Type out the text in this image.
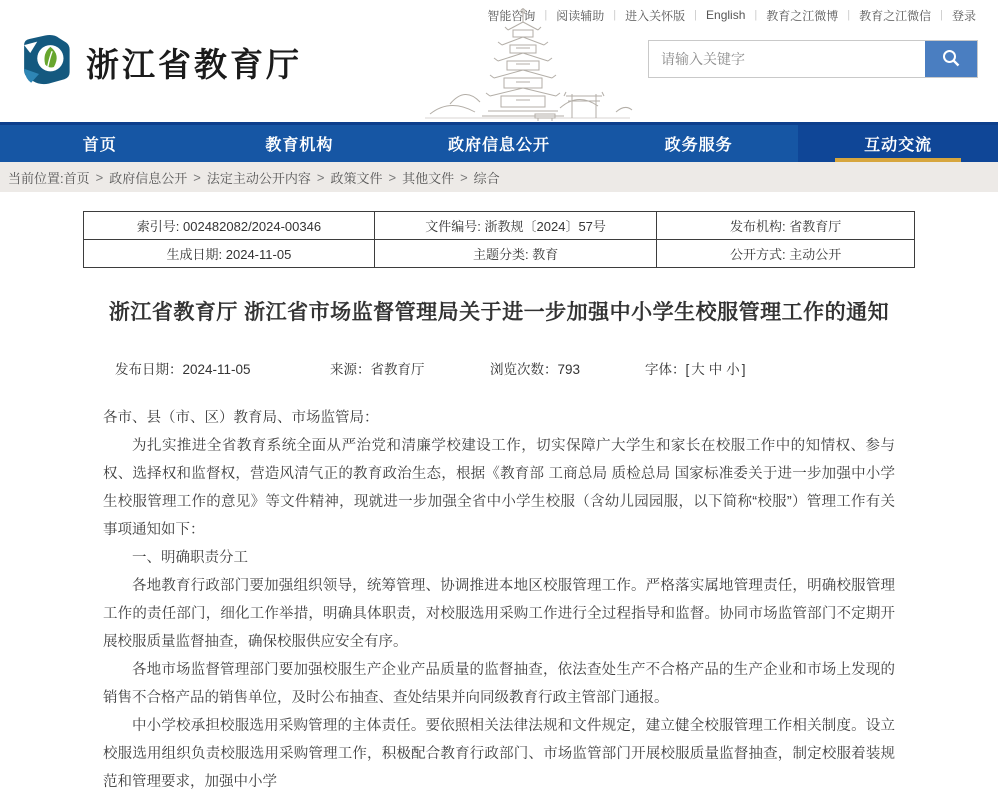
智能咨询 | 阅读辅助 | 进入关怀版 | English | 教育之江微博 | 教育之江微信 | 登录
浙江省教育厅
请输入关键字
首页	教育机构	政府信息公开	政务服务	互动交流
当前位置: 首页 > 政府信息公开 > 法定主动公开内容 > 政策文件 > 其他文件 > 综合
索引号: 002482082/2024-00346	文件编号: 浙教规〔2024〕57号	发布机构: 省教育厅
生成日期: 2024-11-05	主题分类: 教育	公开方式: 主动公开
浙江省教育厅 浙江省市场监督管理局关于进一步加强中小学生校服管理工作的通知
发布日期：2024-11-05	来源：省教育厅	浏览次数：793	字体：[ 大 中 小 ]

各市、县（市、区）教育局、市场监管局：

为扎实推进全省教育系统全面从严治党和清廉学校建设工作，切实保障广大学生和家长在校服工作中的知情权、参与权、选择权和监督权，营造风清气正的教育政治生态，根据《教育部 工商总局 质检总局 国家标准委关于进一步加强中小学生校服管理工作的意见》等文件精神，现就进一步加强全省中小学生校服（含幼儿园园服，以下简称“校服”）管理工作有关事项通知如下：

一、明确职责分工

各地教育行政部门要加强组织领导，统筹管理、协调推进本地区校服管理工作。严格落实属地管理责任，明确校服管理工作的责任部门，细化工作举措，明确具体职责，对校服选用采购工作进行全过程指导和监督。协同市场监管部门不定期开展校服质量监督抽查，确保校服供应安全有序。

各地市场监督管理部门要加强校服生产企业产品质量的监督抽查，依法查处生产不合格产品的生产企业和市场上发现的销售不合格产品的销售单位，及时公布抽查、查处结果并向同级教育行政主管部门通报。

中小学校承担校服选用采购管理的主体责任。要依照相关法律法规和文件规定，建立健全校服管理工作相关制度。设立校服选用组织负责校服选用采购管理工作，积极配合教育行政部门、市场监管部门开展校服质量监督抽查，制定校服着装规范和管理要求，加强中小学
